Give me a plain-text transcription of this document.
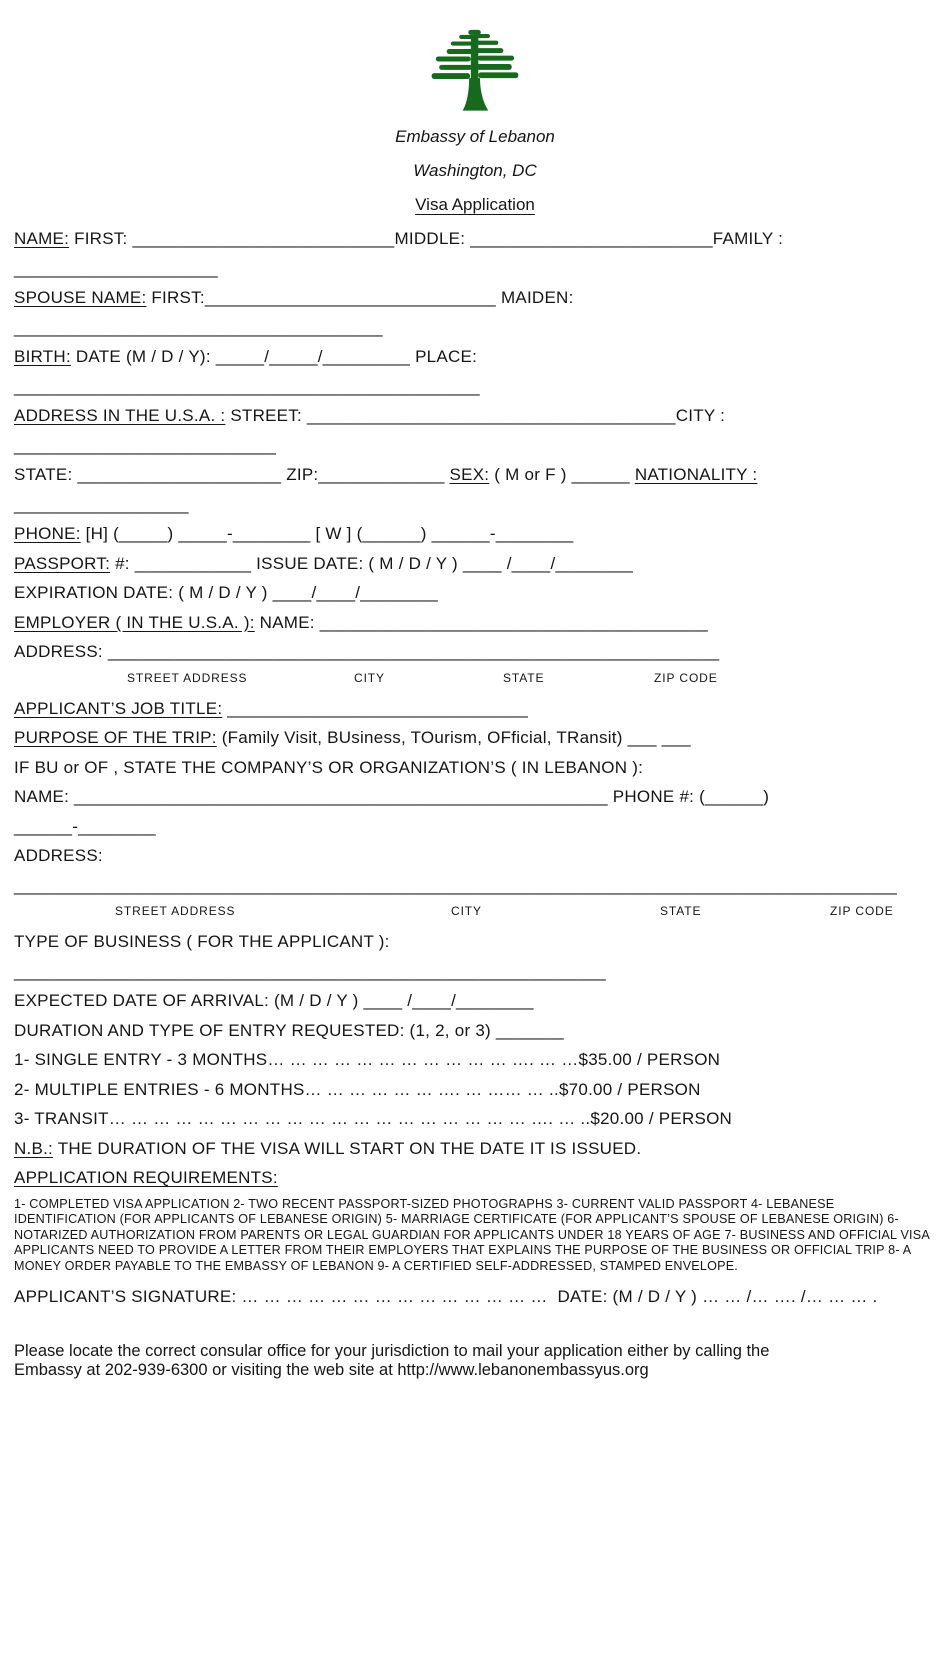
Embassy of Lebanon
Washington, DC
Visa Application
NAME: FIRST: ___________________________MIDDLE: _________________________FAMILY :
_____________________
SPOUSE NAME: FIRST:______________________________ MAIDEN:
______________________________________
BIRTH: DATE (M / D / Y): _____/_____/_________ PLACE:
________________________________________________
ADDRESS IN THE U.S.A. : STREET: ______________________________________CITY :
___________________________
STATE: _____________________ ZIP:_____________ SEX: ( M or F ) ______ NATIONALITY :
__________________
PHONE: [H] (_____) _____-________ [ W ] (______) ______-________
PASSPORT: #: ____________ ISSUE DATE: ( M / D / Y ) ____ /____/________
EXPIRATION DATE: ( M / D / Y ) ____/____/________
EMPLOYER ( IN THE U.S.A. ): NAME: ________________________________________
ADDRESS: _______________________________________________________________
STREET ADDRESS	CITY	STATE	ZIP CODE
APPLICANT’S JOB TITLE: _______________________________
PURPOSE OF THE TRIP: (Family Visit, BUsiness, TOurism, OFficial, TRansit) ___ ___
IF BU or OF , STATE THE COMPANY’S OR ORGANIZATION’S ( IN LEBANON ):
NAME: _______________________________________________________ PHONE #: (______)
______-________
ADDRESS:
___________________________________________________________________________________________
STREET ADDRESS	CITY	STATE	ZIP CODE
TYPE OF BUSINESS ( FOR THE APPLICANT ):
_____________________________________________________________
EXPECTED DATE OF ARRIVAL: (M / D / Y ) ____ /____/________
DURATION AND TYPE OF ENTRY REQUESTED: (1, 2, or 3) _______
1- SINGLE ENTRY - 3 MONTHS… … … … … … … … … … … …. … …$35.00 / PERSON
2- MULTIPLE ENTRIES - 6 MONTHS… … … … … … …. … …… … ..$70.00 / PERSON
3- TRANSIT… … … … … … … … … … … … … … … … … … … …. … ..$20.00 / PERSON
N.B.: THE DURATION OF THE VISA WILL START ON THE DATE IT IS ISSUED.
APPLICATION REQUIREMENTS:
1- COMPLETED VISA APPLICATION 2- TWO RECENT PASSPORT-SIZED PHOTOGRAPHS 3- CURRENT VALID PASSPORT 4- LEBANESE IDENTIFICATION (FOR APPLICANTS OF LEBANESE ORIGIN) 5- MARRIAGE CERTIFICATE (FOR APPLICANT’S SPOUSE OF LEBANESE ORIGIN) 6- NOTARIZED AUTHORIZATION FROM PARENTS OR LEGAL GUARDIAN FOR APPLICANTS UNDER 18 YEARS OF AGE 7- BUSINESS AND OFFICIAL VISA APPLICANTS NEED TO PROVIDE A LETTER FROM THEIR EMPLOYERS THAT EXPLAINS THE PURPOSE OF THE BUSINESS OR OFFICIAL TRIP 8- A MONEY ORDER PAYABLE TO THE EMBASSY OF LEBANON 9- A CERTIFIED SELF-ADDRESSED, STAMPED ENVELOPE.
APPLICANT’S SIGNATURE: … … … … … … … … … … … … … …  DATE: (M / D / Y ) … … /… …. /… … … .
Please locate the correct consular office for your jurisdiction to mail your application either by calling the Embassy at 202-939-6300 or visiting the web site at http://www.lebanonembassyus.org
